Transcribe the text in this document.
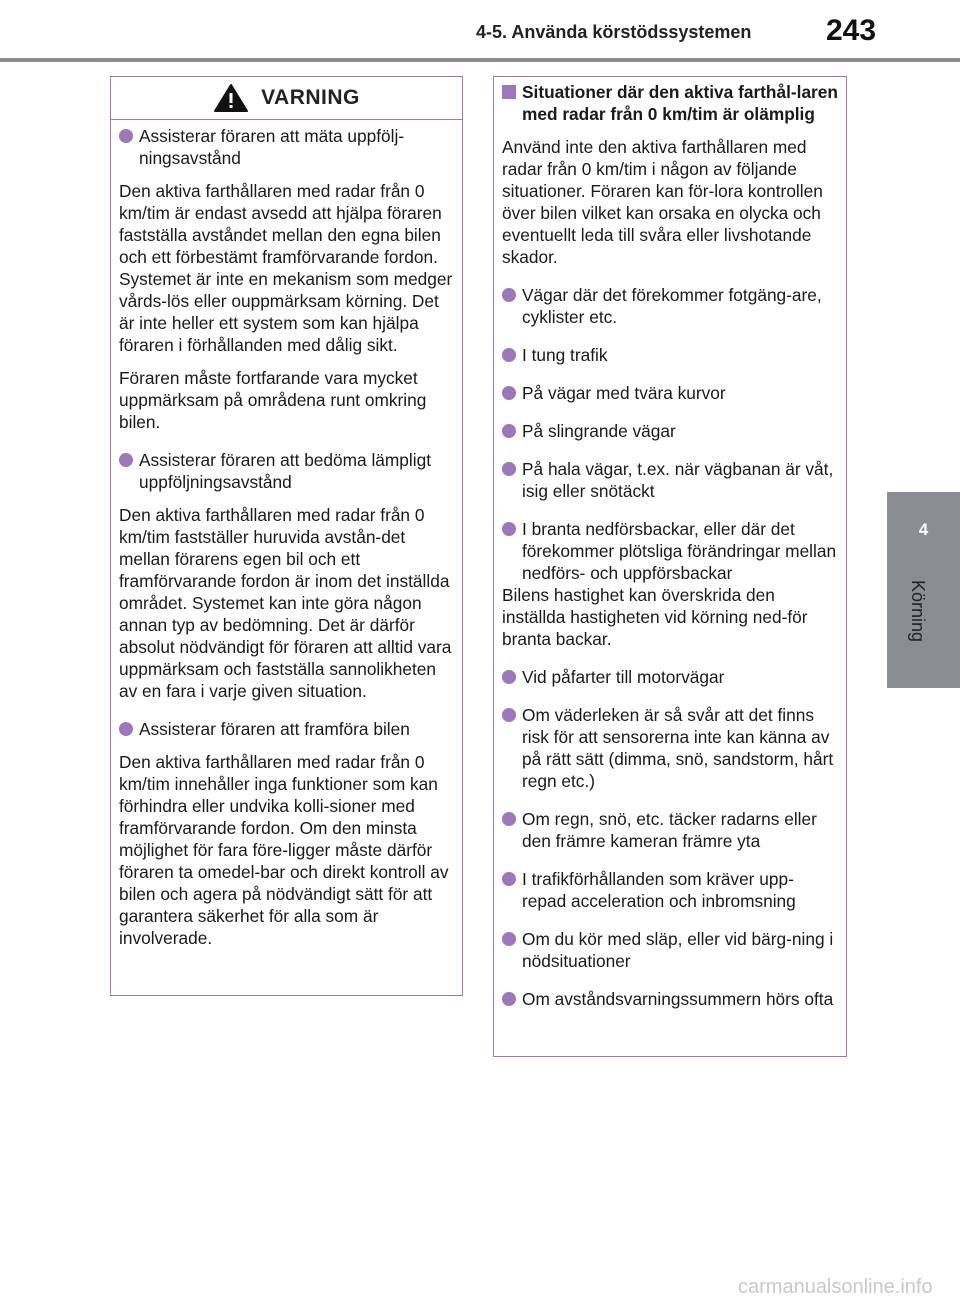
4-5. Använda körstödssystemen 243
4
Körning
VARNING
Assisterar föraren att mäta uppfölj-ningsavstånd

Den aktiva farthållaren med radar från 0 km/tim är endast avsedd att hjälpa föraren fastställa avståndet mellan den egna bilen och ett förbestämt framförvarande fordon. Systemet är inte en mekanism som medger vårds-lös eller ouppmärksam körning. Det är inte heller ett system som kan hjälpa föraren i förhållanden med dålig sikt.

Föraren måste fortfarande vara mycket uppmärksam på områdena runt omkring bilen.

Assisterar föraren att bedöma lämpligt uppföljningsavstånd

Den aktiva farthållaren med radar från 0 km/tim fastställer huruvida avstån-det mellan förarens egen bil och ett framförvarande fordon är inom det inställda området. Systemet kan inte göra någon annan typ av bedömning. Det är därför absolut nödvändigt för föraren att alltid vara uppmärksam och fastställa sannolikheten av en fara i varje given situation.

Assisterar föraren att framföra bilen

Den aktiva farthållaren med radar från 0 km/tim innehåller inga funktioner som kan förhindra eller undvika kolli-sioner med framförvarande fordon. Om den minsta möjlighet för fara före-ligger måste därför föraren ta omedel-bar och direkt kontroll av bilen och agera på nödvändigt sätt för att garantera säkerhet för alla som är involverade.

Situationer där den aktiva farthål-laren med radar från 0 km/tim är olämplig

Använd inte den aktiva farthållaren med radar från 0 km/tim i någon av följande situationer. Föraren kan för-lora kontrollen över bilen vilket kan orsaka en olycka och eventuellt leda till svåra eller livshotande skador.

Vägar där det förekommer fotgäng-are, cyklister etc.
I tung trafik
På vägar med tvära kurvor
På slingrande vägar
På hala vägar, t.ex. när vägbanan är våt, isig eller snötäckt
I branta nedförsbackar, eller där det förekommer plötsliga förändringar mellan nedförs- och uppförsbackar

Bilens hastighet kan överskrida den inställda hastigheten vid körning ned-för branta backar.

Vid påfarter till motorvägar
Om väderleken är så svår att det finns risk för att sensorerna inte kan känna av på rätt sätt (dimma, snö, sandstorm, hårt regn etc.)
Om regn, snö, etc. täcker radarns eller den främre kameran främre yta
I trafikförhållanden som kräver upp-repad acceleration och inbromsning
Om du kör med släp, eller vid bärg-ning i nödsituationer
Om avståndsvarningssummern hörs ofta
carmanualsonline.info
